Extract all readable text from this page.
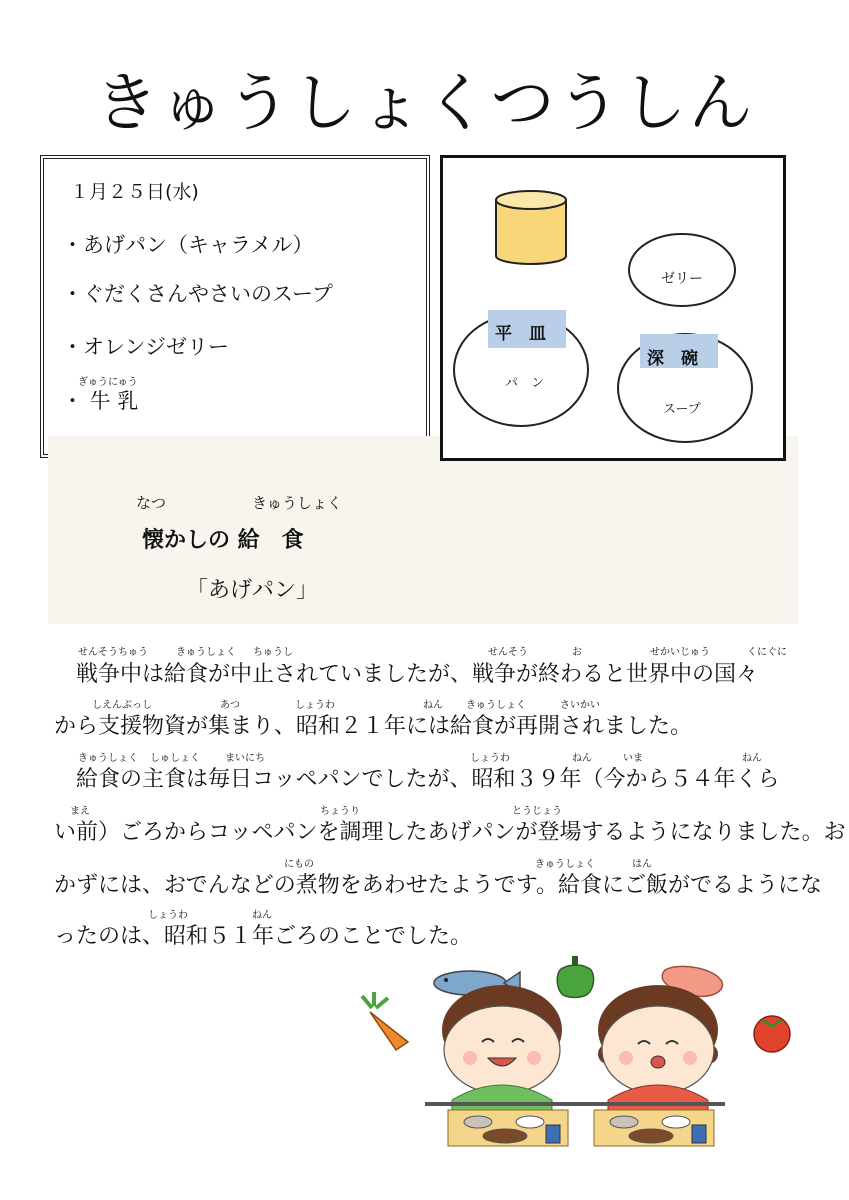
きゅうしょくつうしん
１月２５日(水)
・あげパン（キャラメル）
・ぐだくさんやさいのスープ
・オレンジゼリー
ぎゅうにゅう
・ 牛 乳
ゼリー
平　皿
パ　ン
深　碗
スープ
なつ	きゅうしょく
懐かしの 給　食
「あげパン」
せんそうちゅう	きゅうしょく ちゅうし	せんそう	お	せかいじゅう	くにぐに
　戦争中は給食が中止されていましたが、戦争が終わると世界中の国々
しえんぶっし	あつ	しょうわ	ねん きゅうしょく	さいかい
から支援物資が集まり、昭和２１年には給食が再開されました。
きゅうしょく しゅしょく	まいにち	しょうわ	ねん	いま	ねん
　給食の主食は毎日コッペパンでしたが、昭和３９年（今から５４年くら
まえ	ちょうり	とうじょう
い前）ごろからコッペパンを調理したあげパンが登場するようになりました。お
にもの	きゅうしょく	はん
かずには、おでんなどの煮物をあわせたようです。給食にご飯がでるようにな
しょうわ	ねん
ったのは、昭和５１年ごろのことでした。
